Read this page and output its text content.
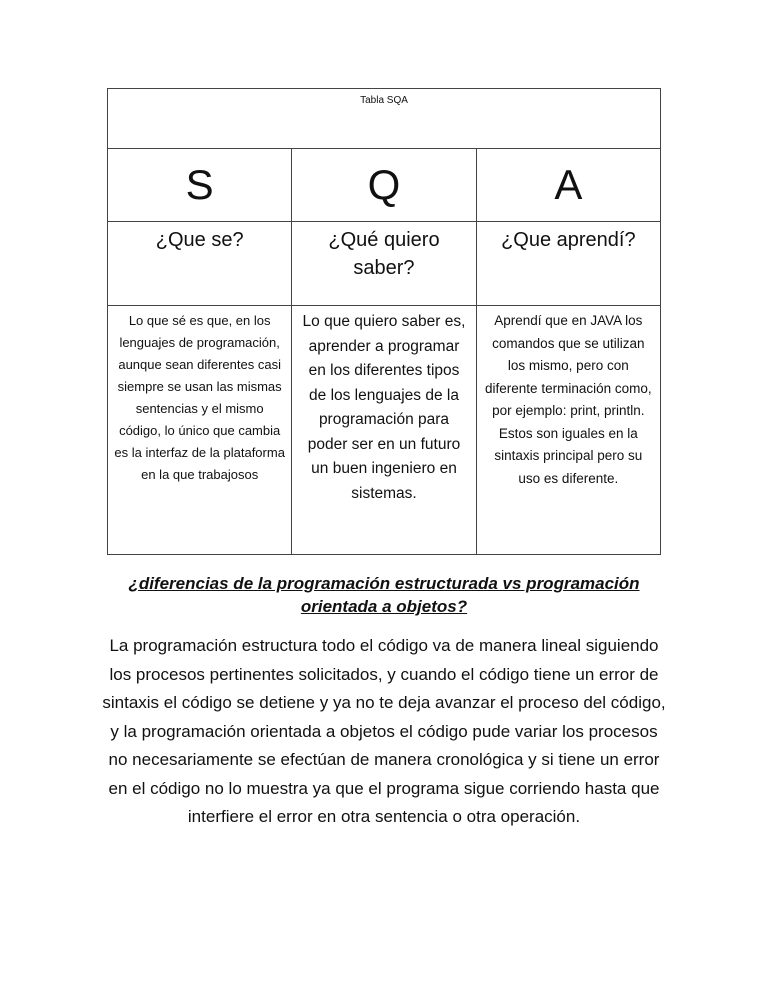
Tabla SQA		
S	Q	A
¿Que se?	¿Qué quiero saber?	¿Que aprendí?
Lo que sé es que, en los lenguajes de programación, aunque sean diferentes casi siempre se usan las mismas sentencias y el mismo código, lo único que cambia es la interfaz de la plataforma en la que trabajosos	Lo que quiero saber es, aprender a programar en los diferentes tipos de los lenguajes de la programación para poder ser en un futuro un buen ingeniero en sistemas.	Aprendí que en JAVA los comandos que se utilizan los mismo, pero con diferente terminación como, por ejemplo: print, println. Estos son iguales en la sintaxis principal pero su uso es diferente.
¿diferencias de la programación estructurada vs programación orientada a objetos?
La programación estructura todo el código va de manera lineal siguiendo los procesos pertinentes solicitados, y cuando el código tiene un error de sintaxis el código se detiene y ya no te deja avanzar el proceso del código, y la programación orientada a objetos el código pude variar los procesos no necesariamente se efectúan de manera cronológica y si tiene un error en el código no lo muestra ya que el programa sigue corriendo hasta que interfiere el error en otra sentencia o otra operación.
